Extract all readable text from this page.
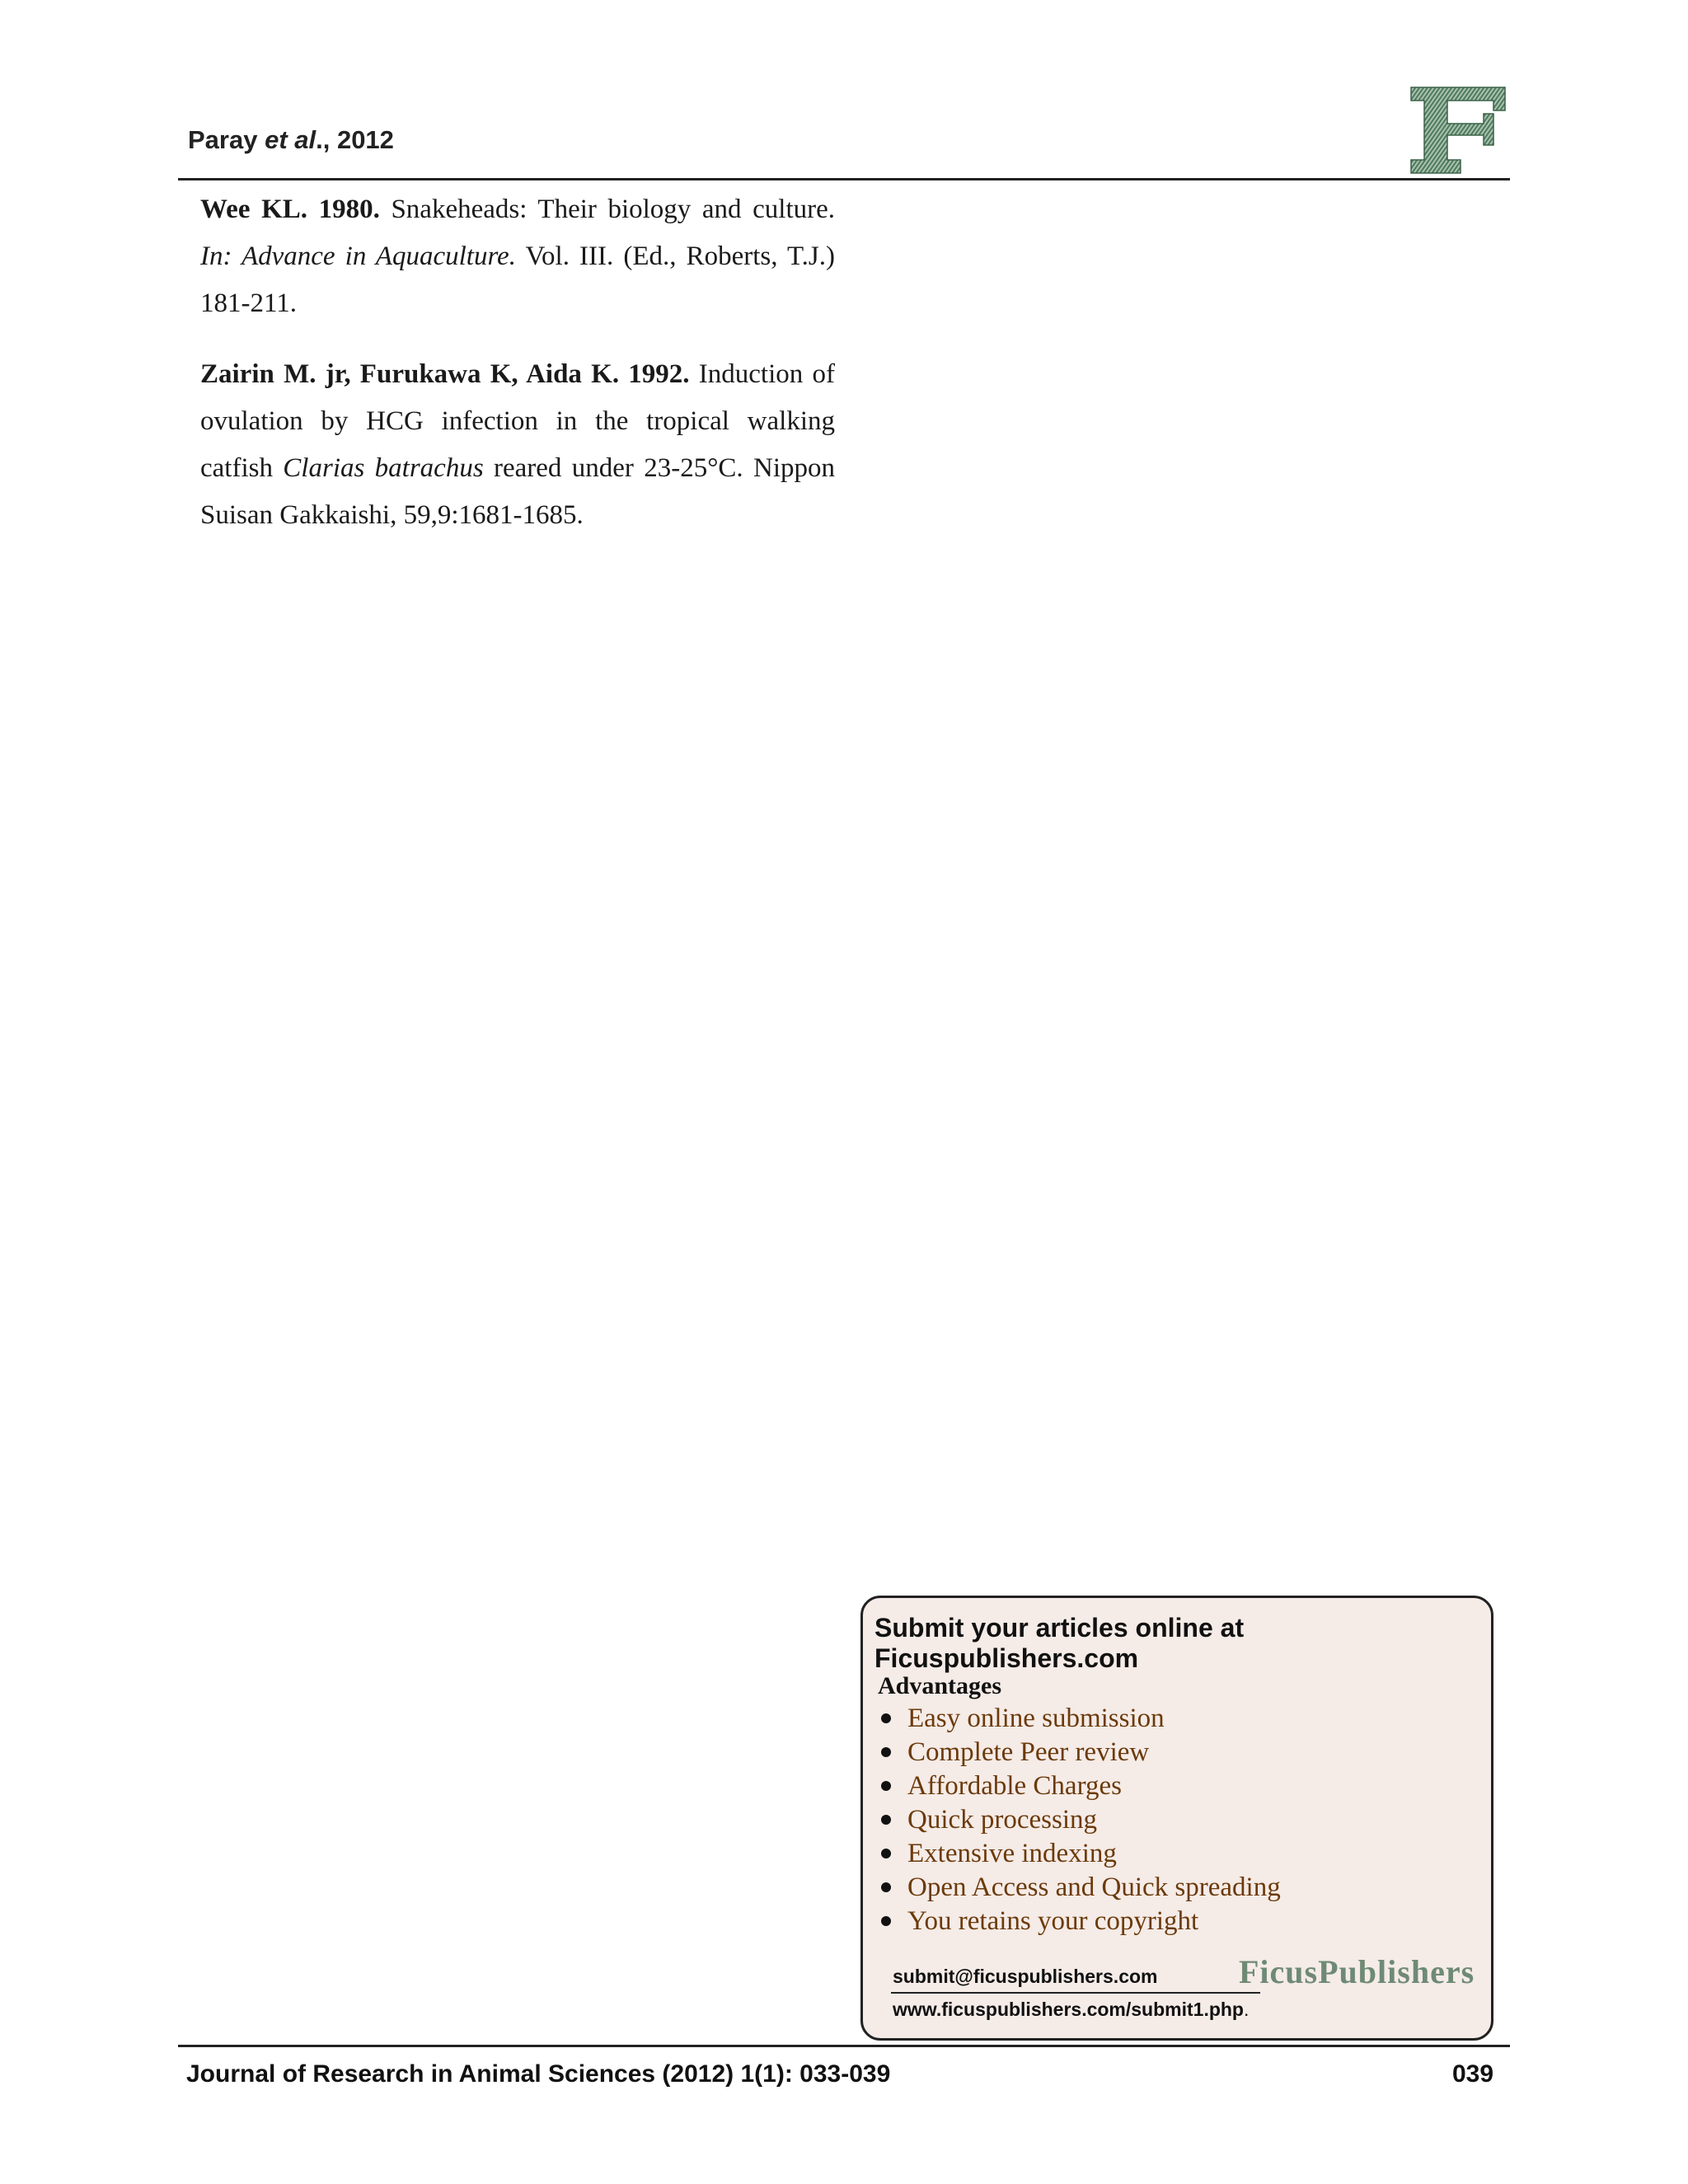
Paray et al., 2012

Wee KL. 1980. Snakeheads: Their biology and culture. In: Advance in Aquaculture. Vol. III. (Ed., Roberts, T.J.) 181-211.

Zairin M. jr, Furukawa K, Aida K. 1992. Induction of ovulation by HCG infection in the tropical walking catfish Clarias batrachus reared under 23-25°C. Nippon Suisan Gakkaishi, 59,9:1681-1685.

Submit your articles online at Ficuspublishers.com
Advantages
Easy online submission
Complete Peer review
Affordable Charges
Quick processing
Extensive indexing
Open Access and Quick spreading
You retains your copyright
submit@ficuspublishers.com
www.ficuspublishers.com/submit1.php.
FicusPublishers
Journal of Research in Animal Sciences (2012) 1(1): 033-039	039
